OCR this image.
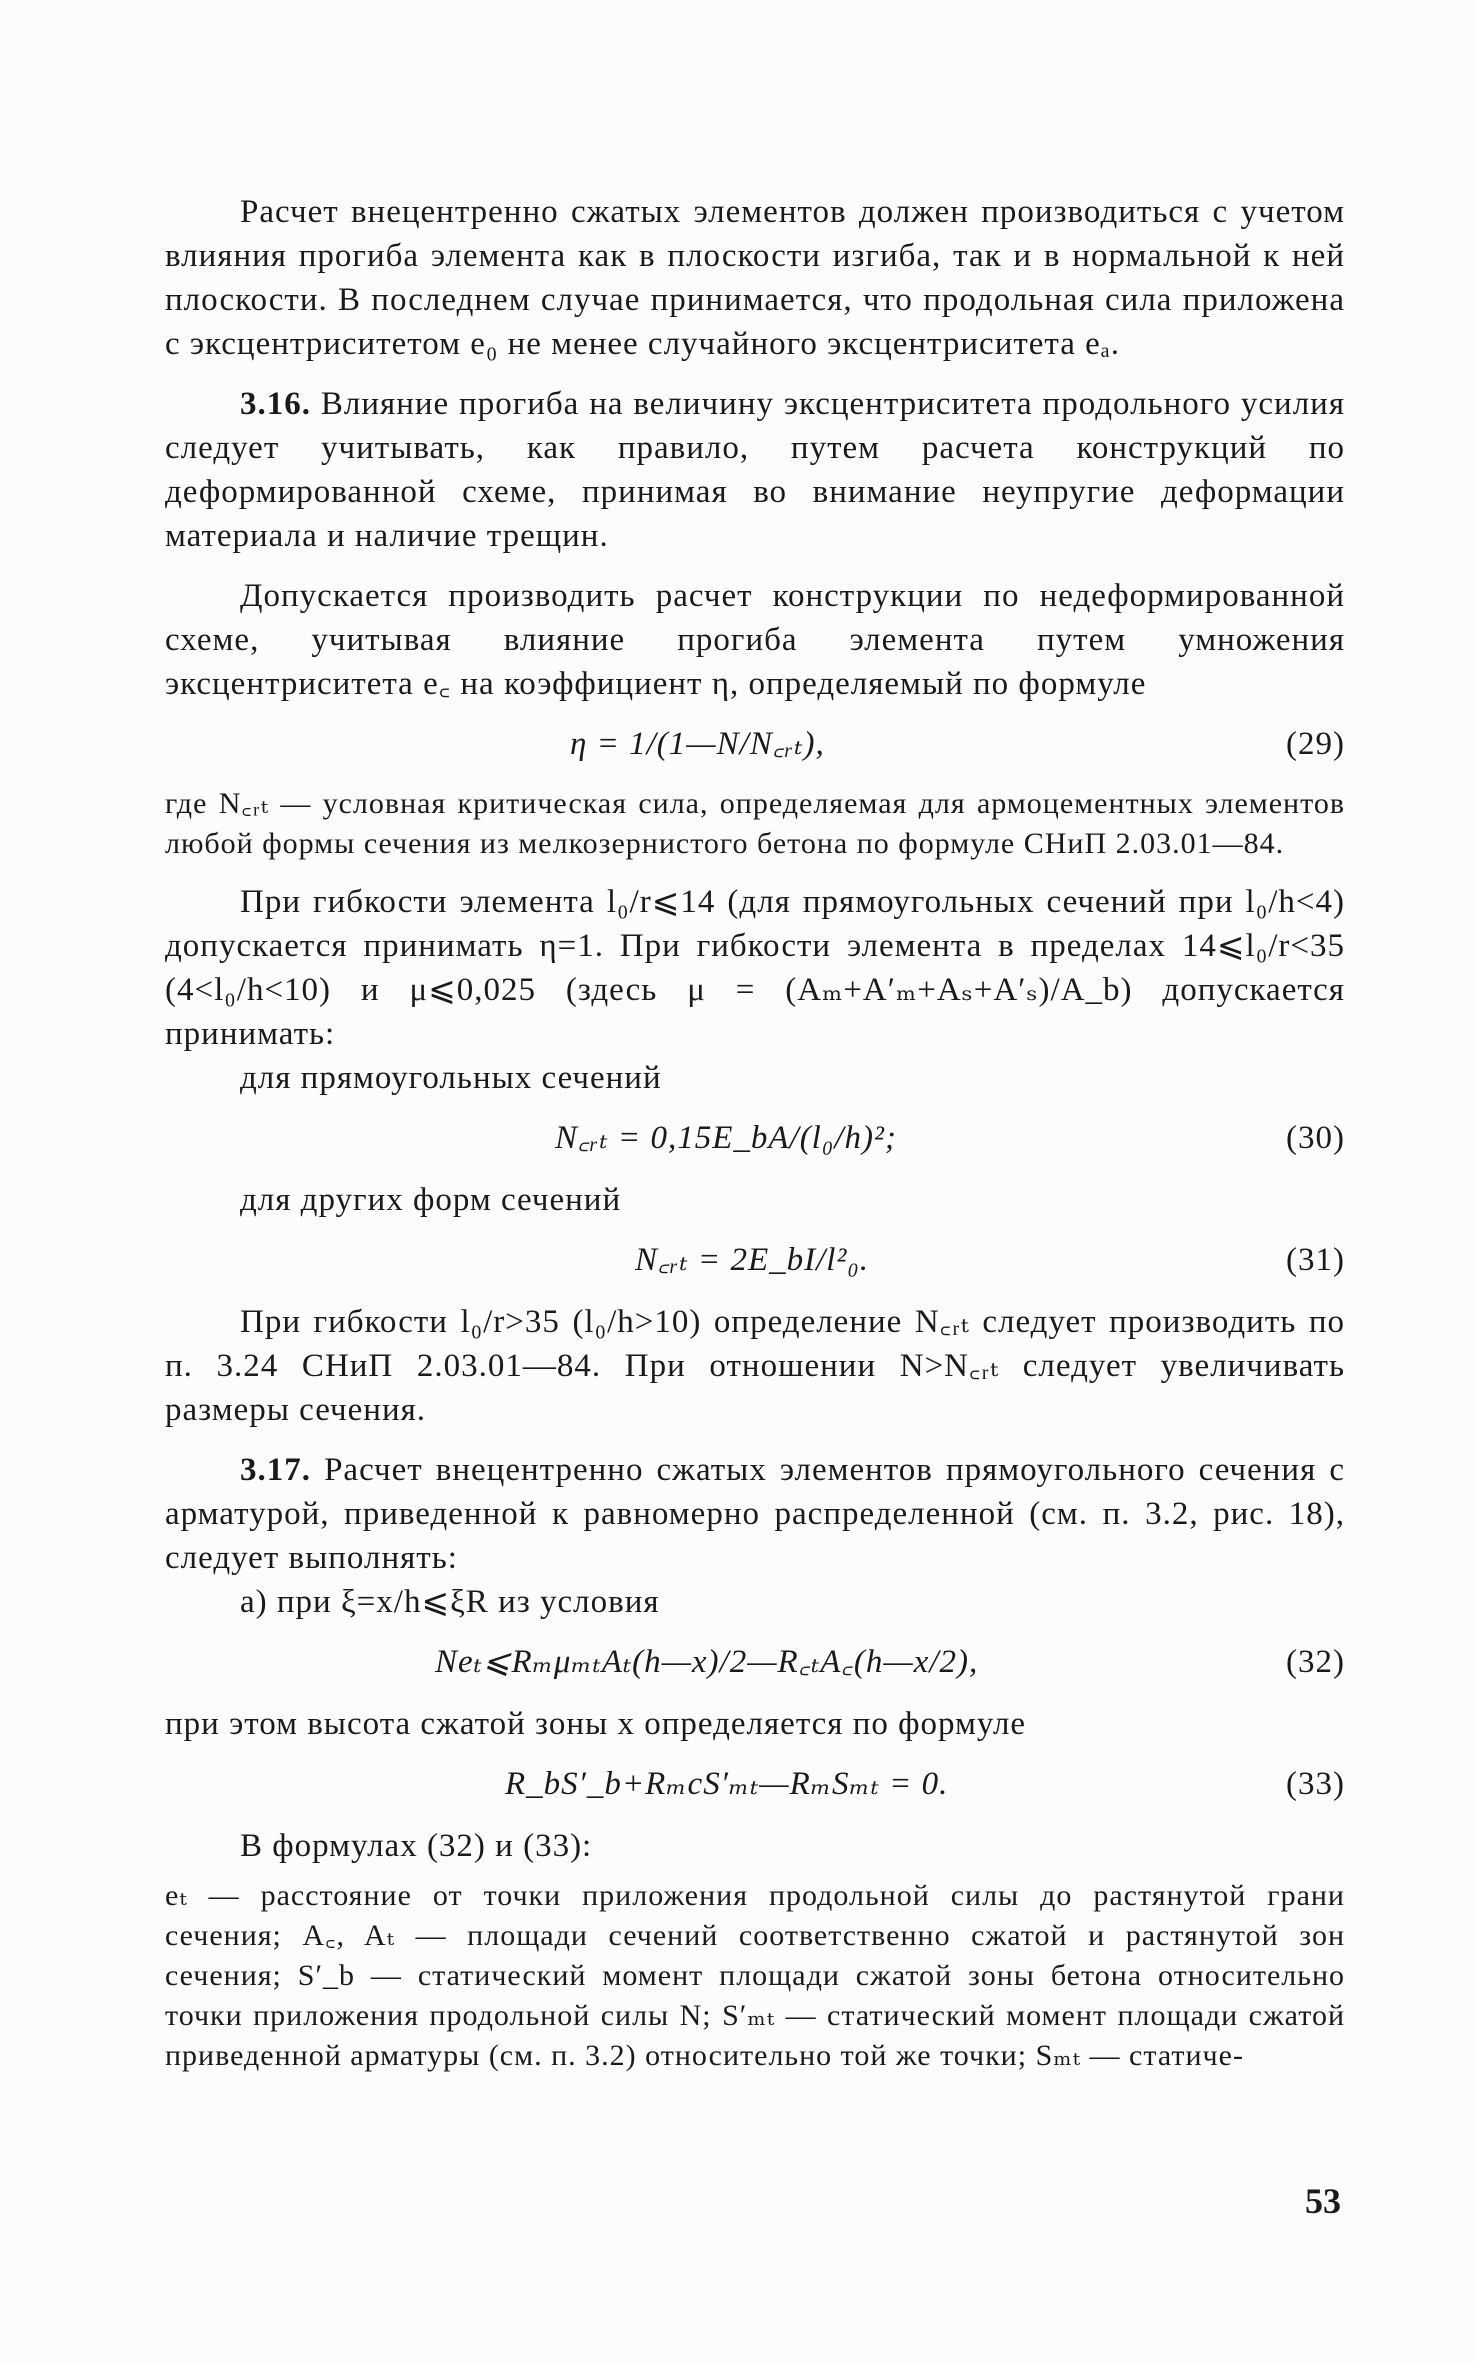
Расчет внецентренно сжатых элементов должен производиться с учетом влияния прогиба элемента как в плоскости изгиба, так и в нормальной к ней плоскости. В последнем случае принимается, что продольная сила приложена с эксцентриситетом e₀ не менее случайного эксцентриситета eₐ.

3.16. Влияние прогиба на величину эксцентриситета продольного усилия следует учитывать, как правило, путем расчета конструкций по деформированной схеме, принимая во внимание неупругие деформации материала и наличие трещин.

Допускается производить расчет конструкции по недеформированной схеме, учитывая влияние прогиба элемента путем умножения эксцентриситета e꜀ на коэффициент η, определяемый по формуле

η = 1/(1—N/N꜀ᵣₜ),	(29)

где N꜀ᵣₜ — условная критическая сила, определяемая для армоцементных элементов любой формы сечения из мелкозернистого бетона по формуле СНиП 2.03.01—84.

При гибкости элемента l₀/r⩽14 (для прямоугольных сечений при l₀/h<4) допускается принимать η=1. При гибкости элемента в пределах 14⩽l₀/r<35 (4<l₀/h<10) и μ⩽0,025 (здесь μ = (Aₘ+A′ₘ+Aₛ+A′ₛ)/A_b) допускается принимать:

для прямоугольных сечений

N꜀ᵣₜ = 0,15E_bA/(l₀/h)²;	(30)

для других форм сечений

N꜀ᵣₜ = 2E_bI/l²₀.	(31)

При гибкости l₀/r>35 (l₀/h>10) определение N꜀ᵣₜ следует производить по п. 3.24 СНиП 2.03.01—84. При отношении N>N꜀ᵣₜ следует увеличивать размеры сечения.

3.17. Расчет внецентренно сжатых элементов прямоугольного сечения с арматурой, приведенной к равномерно распределенной (см. п. 3.2, рис. 18), следует выполнять:

а) при ξ=x/h⩽ξR из условия

Neₜ⩽RₘμₘₜAₜ(h—x)/2—R꜀ₜA꜀(h—x/2),	(32)

при этом высота сжатой зоны x определяется по формуле

R_bS′_b+RₘcS′ₘₜ—RₘSₘₜ = 0.	(33)

В формулах (32) и (33):

eₜ — расстояние от точки приложения продольной силы до растянутой грани сечения; A꜀, Aₜ — площади сечений соответственно сжатой и растянутой зон сечения; S′_b — статический момент площади сжатой зоны бетона относительно точки приложения продольной силы N; S′ₘₜ — статический момент площади сжатой приведенной арматуры (см. п. 3.2) относительно той же точки; Sₘₜ — статиче-

53
